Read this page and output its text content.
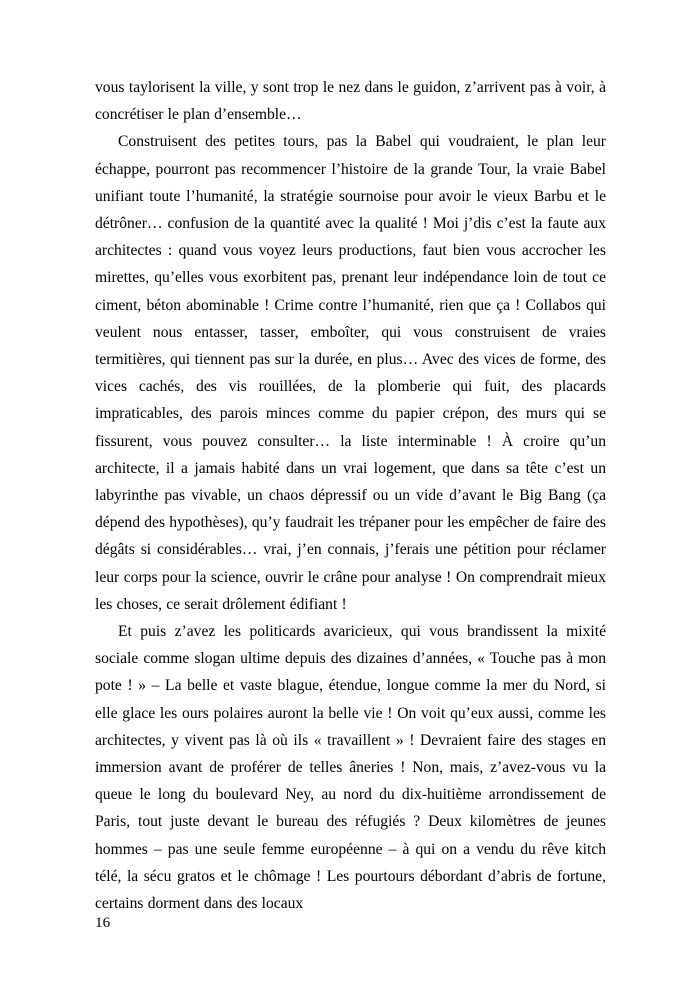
vous taylorisent la ville, y sont trop le nez dans le guidon, z’arrivent pas à voir, à concrétiser le plan d’ensemble…

Construisent des petites tours, pas la Babel qui voudraient, le plan leur échappe, pourront pas recommencer l’histoire de la grande Tour, la vraie Babel unifiant toute l’humanité, la stratégie sournoise pour avoir le vieux Barbu et le détrôner… confusion de la quantité avec la qualité ! Moi j’dis c’est la faute aux architectes : quand vous voyez leurs productions, faut bien vous accrocher les mirettes, qu’elles vous exorbitent pas, prenant leur indépendance loin de tout ce ciment, béton abominable ! Crime contre l’humanité, rien que ça ! Collabos qui veulent nous entasser, tasser, emboîter, qui vous construisent de vraies termitières, qui tiennent pas sur la durée, en plus… Avec des vices de forme, des vices cachés, des vis rouillées, de la plomberie qui fuit, des placards impraticables, des parois minces comme du papier crépon, des murs qui se fissurent, vous pouvez consulter… la liste interminable ! À croire qu’un architecte, il a jamais habité dans un vrai logement, que dans sa tête c’est un labyrinthe pas vivable, un chaos dépressif ou un vide d’avant le Big Bang (ça dépend des hypothèses), qu’y faudrait les trépaner pour les empêcher de faire des dégâts si considérables… vrai, j’en connais, j’ferais une pétition pour réclamer leur corps pour la science, ouvrir le crâne pour analyse ! On comprendrait mieux les choses, ce serait drôlement édifiant !

Et puis z’avez les politicards avaricieux, qui vous brandissent la mixité sociale comme slogan ultime depuis des dizaines d’années, « Touche pas à mon pote ! » – La belle et vaste blague, étendue, longue comme la mer du Nord, si elle glace les ours polaires auront la belle vie ! On voit qu’eux aussi, comme les architectes, y vivent pas là où ils « travaillent » ! Devraient faire des stages en immersion avant de proférer de telles âneries ! Non, mais, z’avez-vous vu la queue le long du boulevard Ney, au nord du dix-huitième arrondissement de Paris, tout juste devant le bureau des réfugiés ? Deux kilomètres de jeunes hommes – pas une seule femme européenne – à qui on a vendu du rêve kitch télé, la sécu gratos et le chômage ! Les pourtours débordant d’abris de fortune, certains dorment dans des locaux

16
